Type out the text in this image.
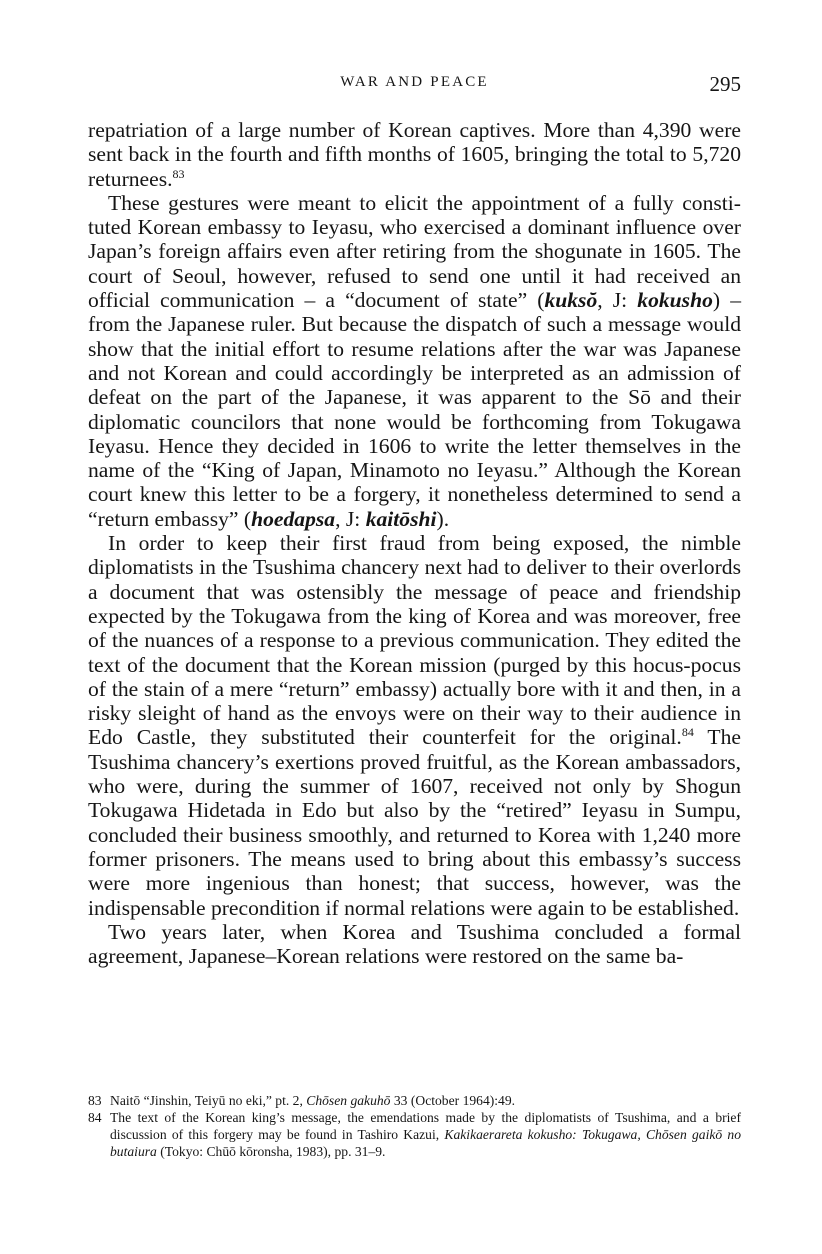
WAR AND PEACE	295

repatriation of a large number of Korean captives. More than 4,390 were sent back in the fourth and fifth months of 1605, bringing the total to 5,720 returnees.$^{83}$

These gestures were meant to elicit the appointment of a fully constituted Korean embassy to Ieyasu, who exercised a dominant influence over Japan’s foreign affairs even after retiring from the shogunate in 1605. The court of Seoul, however, refused to send one until it had received an official communication – a “document of state” (kuksŏ, J: kokusho) – from the Japanese ruler. But because the dispatch of such a message would show that the initial effort to resume relations after the war was Japanese and not Korean and could accordingly be interpreted as an admission of defeat on the part of the Japanese, it was apparent to the Sō and their diplomatic councilors that none would be forthcoming from Tokugawa Ieyasu. Hence they decided in 1606 to write the letter themselves in the name of the “King of Japan, Minamoto no Ieyasu.” Although the Korean court knew this letter to be a forgery, it nonetheless determined to send a “return embassy” (hoedapsa, J: kaitōshi).

In order to keep their first fraud from being exposed, the nimble diplomatists in the Tsushima chancery next had to deliver to their overlords a document that was ostensibly the message of peace and friendship expected by the Tokugawa from the king of Korea and was moreover, free of the nuances of a response to a previous communication. They edited the text of the document that the Korean mission (purged by this hocus-pocus of the stain of a mere “return” embassy) actually bore with it and then, in a risky sleight of hand as the envoys were on their way to their audience in Edo Castle, they substituted their counterfeit for the original.$^{84}$ The Tsushima chancery’s exertions proved fruitful, as the Korean ambassadors, who were, during the summer of 1607, received not only by Shogun Tokugawa Hidetada in Edo but also by the “retired” Ieyasu in Sumpu, concluded their business smoothly, and returned to Korea with 1,240 more former prisoners. The means used to bring about this embassy’s success were more ingenious than honest; that success, however, was the indispensable precondition if normal relations were again to be established.

Two years later, when Korea and Tsushima concluded a formal agreement, Japanese–Korean relations were restored on the same ba-

83 Naitō “Jinshin, Teiyū no eki,” pt. 2, Chōsen gakuhō 33 (October 1964):49.
84 The text of the Korean king’s message, the emendations made by the diplomatists of Tsushima, and a brief discussion of this forgery may be found in Tashiro Kazui, Kakikaerareta kokusho: Tokugawa, Chōsen gaikō no butaiura (Tokyo: Chūō kōronsha, 1983), pp. 31–9.
